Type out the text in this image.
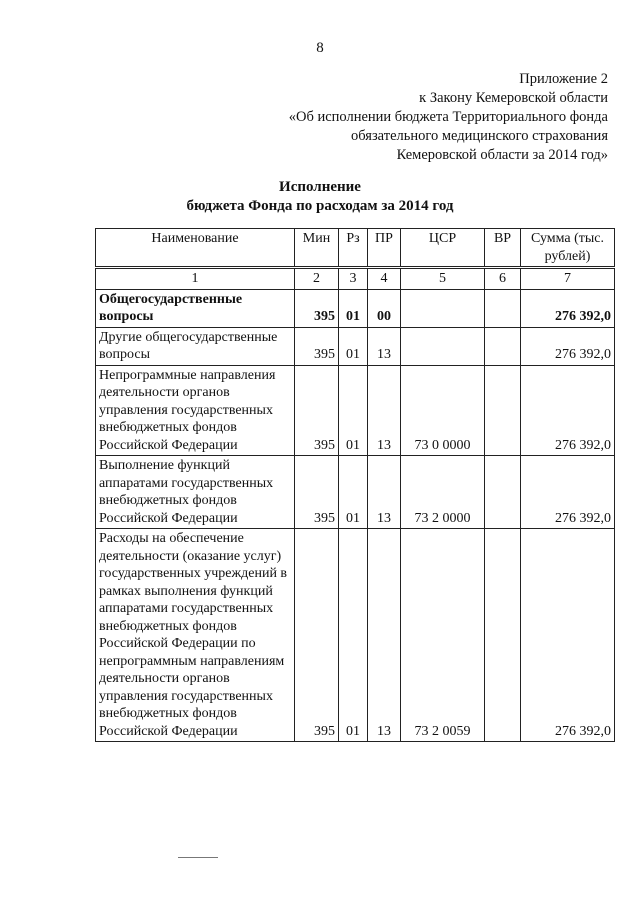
8
Приложение 2
к Закону Кемеровской области
«Об исполнении бюджета Территориального фонда
обязательного медицинского страхования
Кемеровской области за 2014 год»
Исполнение
бюджета Фонда по расходам за 2014 год
Наименование	Мин	Рз	ПР	ЦСР	ВР	Сумма (тыс. рублей)
1	2	3	4	5	6	7
Общегосударственные вопросы	395	01	00			276 392,0
Другие общегосударственные вопросы	395	01	13			276 392,0
Непрограммные направления деятельности органов управления государственных внебюджетных фондов Российской Федерации	395	01	13	73 0 0000		276 392,0
Выполнение функций аппаратами государственных внебюджетных фондов Российской Федерации	395	01	13	73 2 0000		276 392,0
Расходы на обеспечение деятельности (оказание услуг) государственных учреждений в рамках выполнения функций аппаратами государственных внебюджетных фондов Российской Федерации по непрограммным направлениям деятельности органов управления государственных внебюджетных фондов Российской Федерации	395	01	13	73 2 0059		276 392,0
